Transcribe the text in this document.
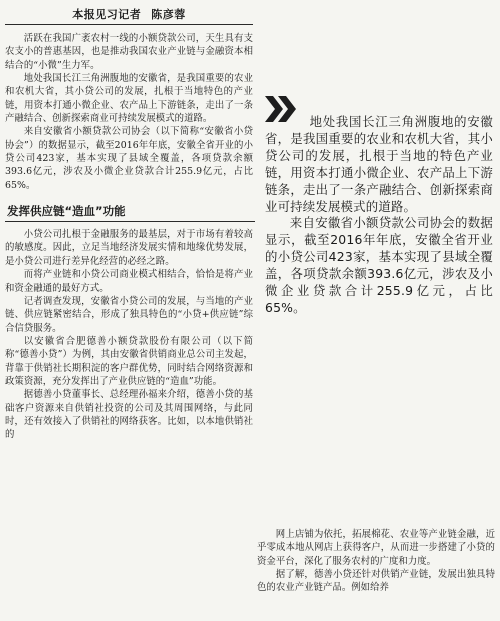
本报见习记者 陈彦蓉

活跃在我国广袤农村一线的小额贷款公司，天生具有支农支小的普惠基因，也是推动我国农业产业链与金融资本相结合的“小微”生力军。

地处我国长江三角洲腹地的安徽省，是我国重要的农业和农机大省，其小贷公司的发展，扎根于当地特色的产业链，用资本打通小微企业、农产品上下游链条，走出了一条产融结合、创新探索商业可持续发展模式的道路。

来自安徽省小额贷款公司协会（以下简称“安徽省小贷协会”）的数据显示，截至2016年年底，安徽全省开业的小贷公司423家，基本实现了县域全覆盖，各项贷款余额393.6亿元，涉农及小微企业贷款合计255.9亿元，占比65%。

发挥供应链“造血”功能

小贷公司扎根于金融服务的最基层，对于市场有着较高的敏感度。因此，立足当地经济发展实情和地缘优势发展，是小贷公司进行差异化经营的必经之路。

而将产业链和小贷公司商业模式相结合，恰恰是将产业和资金融通的最好方式。

记者调查发现，安徽省小贷公司的发展，与当地的产业链、供应链紧密结合，形成了独具特色的“小贷+供应链”综合信贷服务。

以安徽省合肥德善小额贷款股份有限公司（以下简称“德善小贷”）为例，其由安徽省供销商业总公司主发起，背靠于供销社长期积淀的客户群优势，同时结合网络资源和政策资源，充分发挥出了产业供应链的“造血”功能。

据德善小贷董事长、总经理孙福来介绍，德善小贷的基础客户资源来自供销社投资的公司及其周围网络，与此同时，还有效接入了供销社的网络获客。比如，以本地供销社的

地处我国长江三角洲腹地的安徽省，是我国重要的农业和农机大省，其小贷公司的发展，扎根于当地的特色产业链，用资本打通小微企业、农产品上下游链条，走出了一条产融结合、创新探索商业可持续发展模式的道路。

来自安徽省小额贷款公司协会的数据显示，截至2016年年底，安徽全省开业的小贷公司423家，基本实现了县域全覆盖，各项贷款余额393.6亿元，涉农及小微企业贷款合计255.9亿元，占比65%。

网上店铺为依托，拓展棉花、农业等产业链金融，近乎零成本地从网店上获得客户，从而进一步搭建了小贷的资金平台，深化了服务农村的广度和力度。

据了解，德善小贷还针对供销产业链，发展出独具特色的农业产业链产品。例如给养
